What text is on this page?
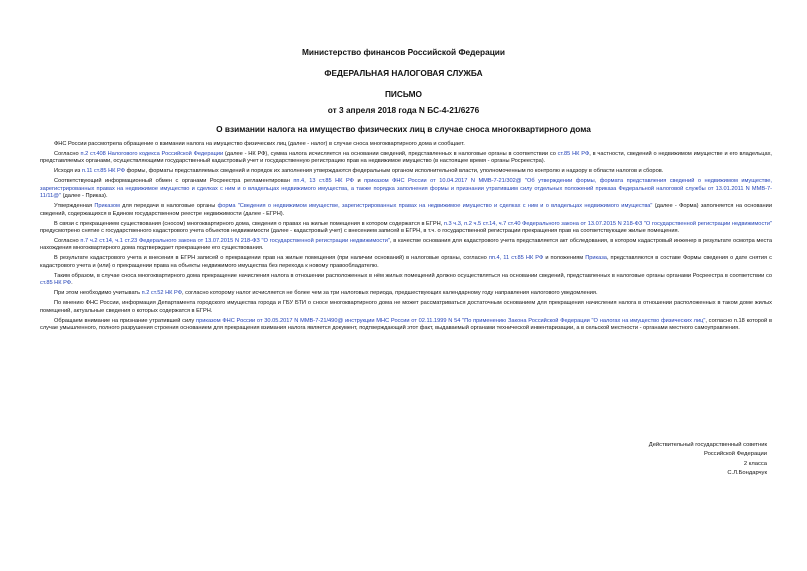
Министерство финансов Российской Федерации
ФЕДЕРАЛЬНАЯ НАЛОГОВАЯ СЛУЖБА
ПИСЬМО
от 3 апреля 2018 года N БС-4-21/6276
О взимании налога на имущество физических лиц в случае сноса многоквартирного дома

ФНС России рассмотрела обращение о взимании налога на имущество физических лиц (далее - налог) в случае сноса многоквартирного дома и сообщает.

Согласно п.2 ст.408 Налогового кодекса Российской Федерации (далее - НК РФ), сумма налога исчисляется на основании сведений, представленных в налоговые органы в соответствии со ст.85 НК РФ, в частности, сведений о недвижимом имуществе и его владельцах, представляемых органами, осуществляющими государственный кадастровый учет и государственную регистрацию прав на недвижимое имущество (в настоящее время - органы Росреестра).

Исходя из п.11 ст.85 НК РФ формы, форматы представляемых сведений и порядок их заполнения утверждаются федеральным органом исполнительной власти, уполномоченным по контролю и надзору в области налогов и сборов.

Соответствующий информационный обмен с органами Росреестра регламентирован пп.4, 13 ст.85 НК РФ и приказом ФНС России от 10.04.2017 N ММВ-7-21/302@ "Об утверждении формы, формата представления сведений о недвижимом имуществе, зарегистрированных правах на недвижимое имущество и сделках с ним и о владельцах недвижимого имущества, а также порядка заполнения формы и признании утратившим силу отдельных положений приказа Федеральной налоговой службы от 13.01.2011 N ММВ-7-11/11@" (далее - Приказ).

Утвержденная Приказом для передачи в налоговые органы форма "Сведения о недвижимом имуществе, зарегистрированных правах на недвижимое имущество и сделках с ним и о владельцах недвижимого имущества" (далее - Форма) заполняется на основании сведений, содержащихся в Едином государственном реестре недвижимости (далее - ЕГРН).

В связи с прекращением существования (сносом) многоквартирного дома, сведения о правах на жилые помещения в котором содержатся в ЕГРН, п.3 ч.3, п.2 ч.5 ст.14, ч.7 ст.40 Федерального закона от 13.07.2015 N 218-ФЗ "О государственной регистрации недвижимости" предусмотрено снятие с государственного кадастрового учета объектов недвижимости (далее - кадастровый учет) с внесением записей в ЕГРН, в т.ч. о государственной регистрации прекращения прав на соответствующие жилые помещения.

Согласно п.7 ч.2 ст.14, ч.1 ст.23 Федерального закона от 13.07.2015 N 218-ФЗ "О государственной регистрации недвижимости", в качестве основания для кадастрового учета представляется акт обследования, в котором кадастровый инженер в результате осмотра места нахождения многоквартирного дома подтверждает прекращение его существования.

В результате кадастрового учета и внесения в ЕГРН записей о прекращении прав на жилые помещения (при наличии оснований) в налоговые органы, согласно пп.4, 11 ст.85 НК РФ и положениям Приказа, представляются в составе Формы сведения о дате снятия с кадастрового учета и (или) о прекращении права на объекты недвижимого имущества без перехода к новому правообладателю.

Таким образом, в случае сноса многоквартирного дома прекращение начисления налога в отношении расположенных в нём жилых помещений должно осуществляться на основании сведений, представленных в налоговые органы органами Росреестра в соответствии со ст.85 НК РФ.

При этом необходимо учитывать п.2 ст.52 НК РФ, согласно которому налог исчисляется не более чем за три налоговых периода, предшествующих календарному году направления налогового уведомления.

По мнению ФНС России, информация Департамента городского имущества города и ГБУ БТИ о сносе многоквартирного дома не может рассматриваться достаточным основанием для прекращения начисления налога в отношении расположенных в таком доме жилых помещений, актуальные сведения о которых содержатся в ЕГРН.

Обращаем внимание на признание утратившей силу приказом ФНС России от 30.05.2017 N ММВ-7-21/490@ инструкции МНС России от 02.11.1999 N 54 "По применению Закона Российской Федерации "О налогах на имущество физических лиц", согласно п.18 которой в случае умышленного, полного разрушения строения основанием для прекращения взимания налога является документ, подтверждающий этот факт, выдаваемый органами технической инвентаризации, а в сельской местности - органами местного самоуправления.

Действительный государственный советник
Российской Федерации
2 класса
С.Л.Бондарчук
